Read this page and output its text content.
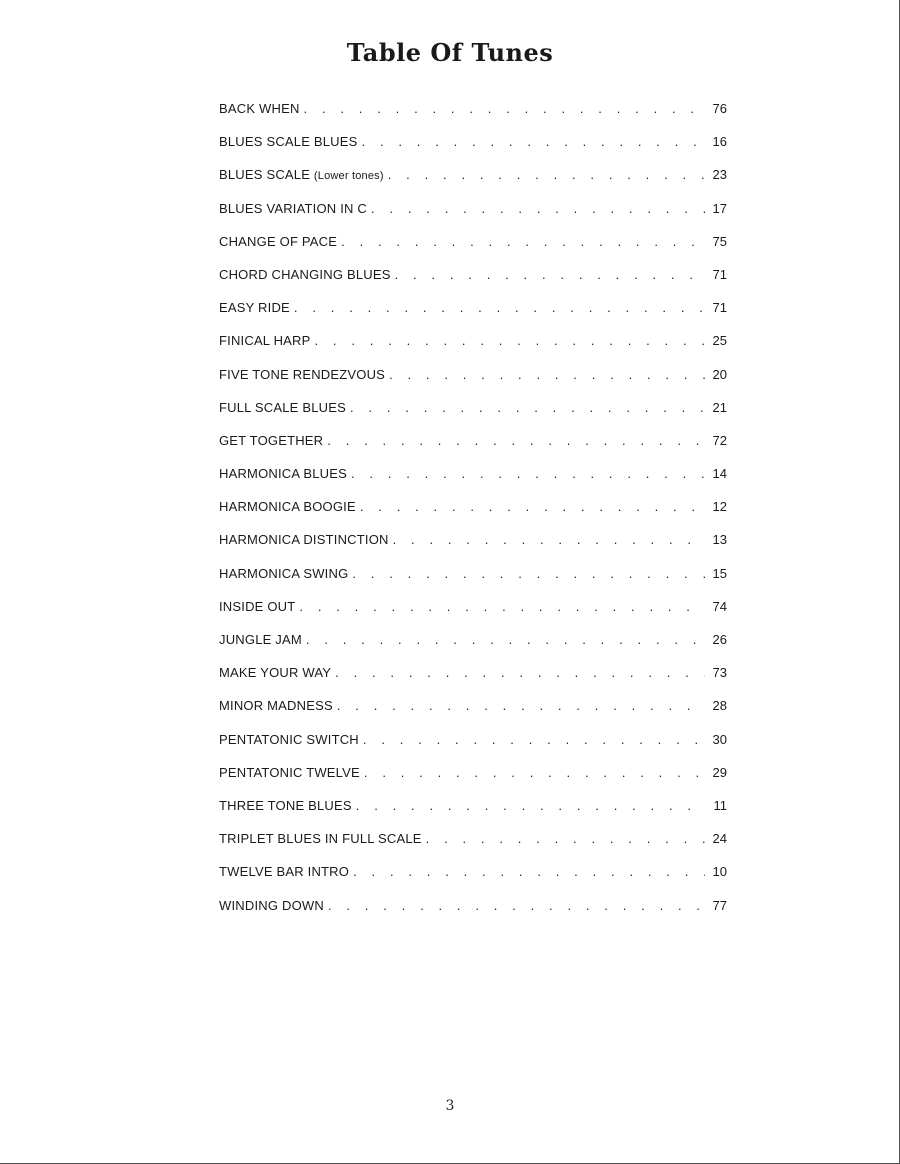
Table Of Tunes
BACK WHEN . . .	76
BLUES SCALE BLUES . . .	16
BLUES SCALE (Lower tones) . . .	23
BLUES VARIATION IN C . . .	17
CHANGE OF PACE . . .	75
CHORD CHANGING BLUES . . .	71
EASY RIDE . . .	71
FINICAL HARP . . .	25
FIVE TONE RENDEZVOUS . . .	20
FULL SCALE BLUES . . .	21
GET TOGETHER . . .	72
HARMONICA BLUES . . .	14
HARMONICA BOOGIE . . .	12
HARMONICA DISTINCTION . . .	13
HARMONICA SWING . . .	15
INSIDE OUT . . .	74
JUNGLE JAM . . .	26
MAKE YOUR WAY . . .	73
MINOR MADNESS . . .	28
PENTATONIC SWITCH . . .	30
PENTATONIC TWELVE . . .	29
THREE TONE BLUES . . .	11
TRIPLET BLUES IN FULL SCALE . . .	24
TWELVE BAR INTRO . . .	10
WINDING DOWN . . .	77
3
